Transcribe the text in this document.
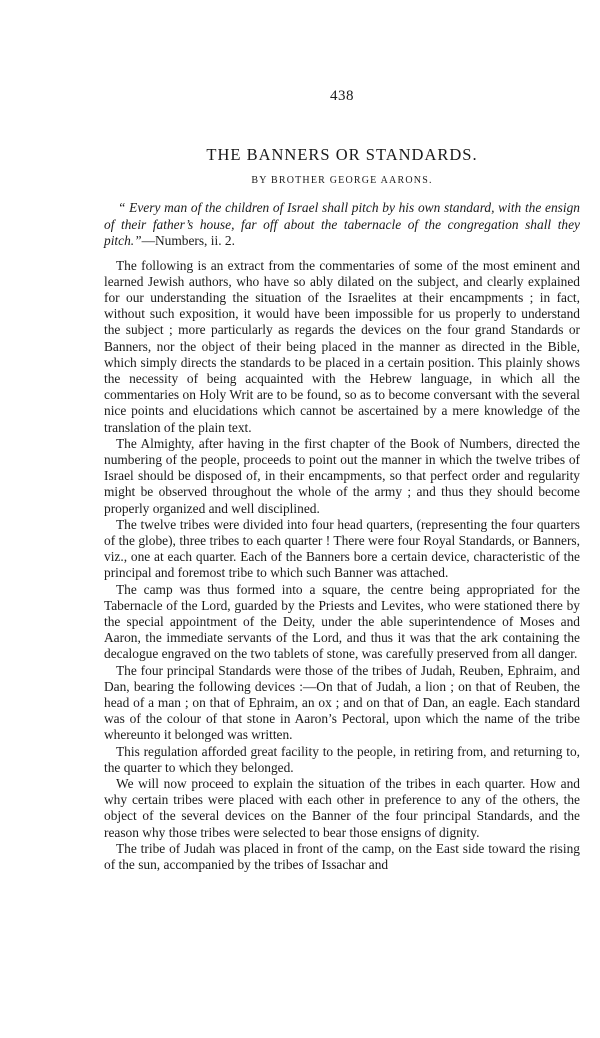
438
THE BANNERS OR STANDARDS.
BY BROTHER GEORGE AARONS.

“ Every man of the children of Israel shall pitch by his own standard, with the ensign of their father’s house, far off about the tabernacle of the congregation shall they pitch.”—Numbers, ii. 2.

The following is an extract from the commentaries of some of the most eminent and learned Jewish authors, who have so ably dilated on the subject, and clearly explained for our understanding the situation of the Israelites at their encampments ; in fact, without such exposition, it would have been impossible for us properly to understand the subject ; more particularly as regards the devices on the four grand Standards or Banners, nor the object of their being placed in the manner as directed in the Bible, which simply directs the standards to be placed in a certain position. This plainly shows the necessity of being acquainted with the Hebrew language, in which all the commentaries on Holy Writ are to be found, so as to become conversant with the several nice points and elucidations which cannot be ascertained by a mere knowledge of the translation of the plain text.

The Almighty, after having in the first chapter of the Book of Numbers, directed the numbering of the people, proceeds to point out the manner in which the twelve tribes of Israel should be disposed of, in their encampments, so that perfect order and regularity might be observed throughout the whole of the army ; and thus they should become properly organized and well disciplined.

The twelve tribes were divided into four head quarters, (representing the four quarters of the globe), three tribes to each quarter ! There were four Royal Standards, or Banners, viz., one at each quarter. Each of the Banners bore a certain device, characteristic of the principal and foremost tribe to which such Banner was attached.

The camp was thus formed into a square, the centre being appropriated for the Tabernacle of the Lord, guarded by the Priests and Levites, who were stationed there by the special appointment of the Deity, under the able superintendence of Moses and Aaron, the immediate servants of the Lord, and thus it was that the ark containing the decalogue engraved on the two tablets of stone, was carefully preserved from all danger.

The four principal Standards were those of the tribes of Judah, Reuben, Ephraim, and Dan, bearing the following devices :—On that of Judah, a lion ; on that of Reuben, the head of a man ; on that of Ephraim, an ox ; and on that of Dan, an eagle. Each standard was of the colour of that stone in Aaron’s Pectoral, upon which the name of the tribe whereunto it belonged was written.

This regulation afforded great facility to the people, in retiring from, and returning to, the quarter to which they belonged.

We will now proceed to explain the situation of the tribes in each quarter. How and why certain tribes were placed with each other in preference to any of the others, the object of the several devices on the Banner of the four principal Standards, and the reason why those tribes were selected to bear those ensigns of dignity.

The tribe of Judah was placed in front of the camp, on the East side toward the rising of the sun, accompanied by the tribes of Issachar and
